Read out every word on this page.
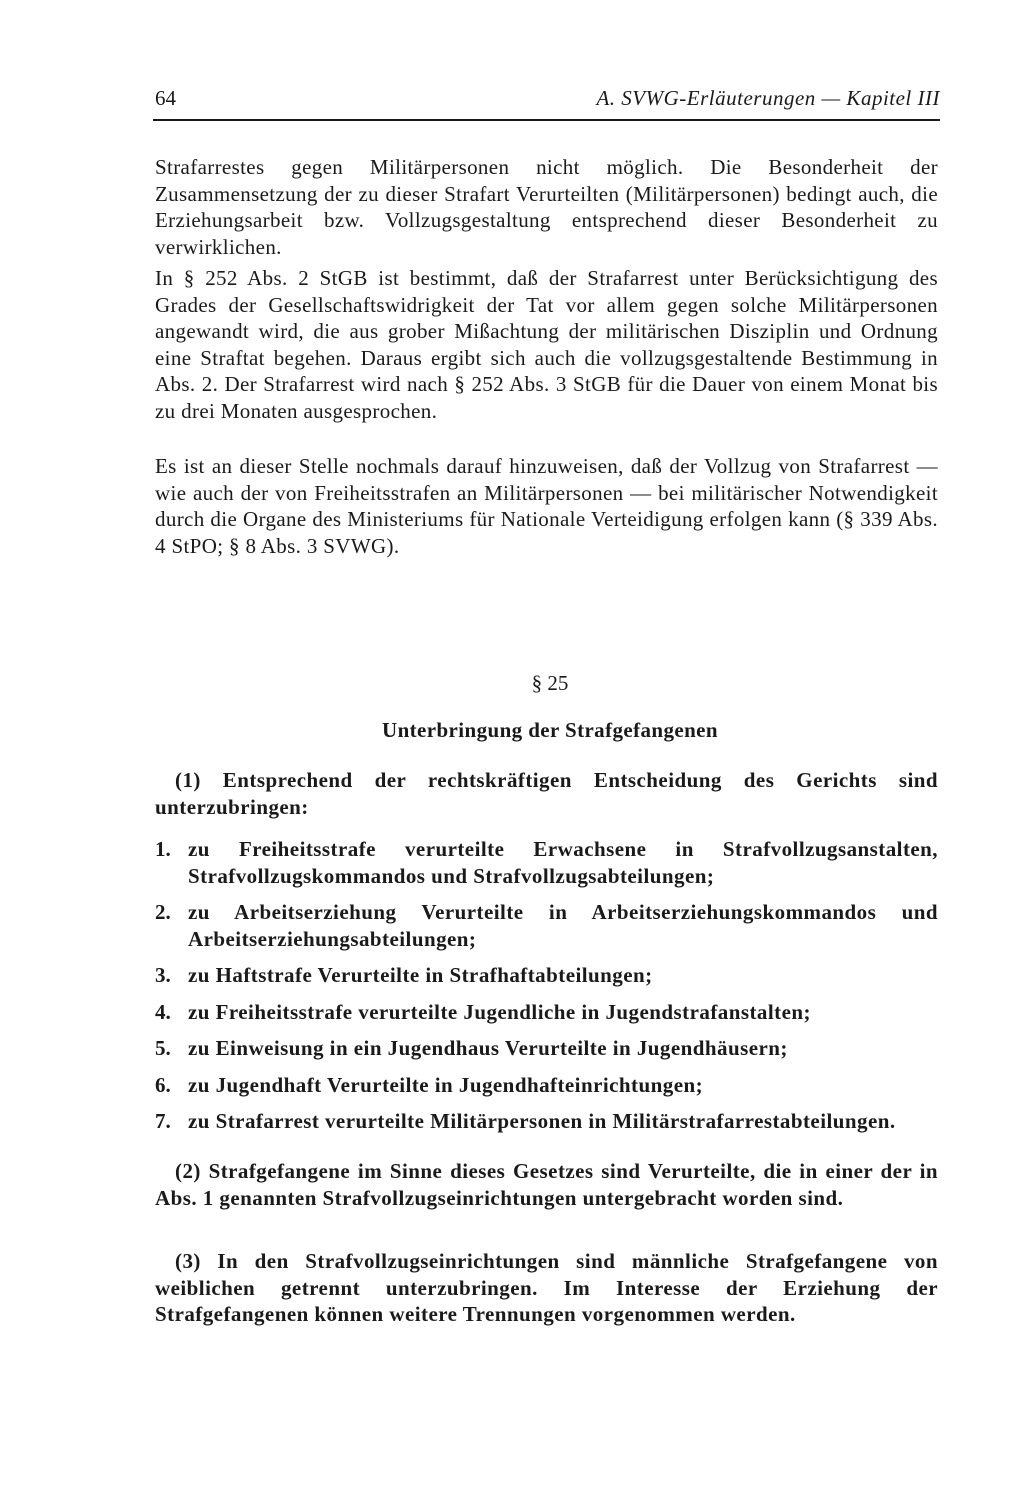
64	A. SVWG-Erläuterungen — Kapitel III

Strafarrestes gegen Militärpersonen nicht möglich. Die Besonderheit der Zusammensetzung der zu dieser Strafart Verurteilten (Militärpersonen) bedingt auch, die Erziehungsarbeit bzw. Vollzugsgestaltung entsprechend dieser Besonderheit zu verwirklichen.

In § 252 Abs. 2 StGB ist bestimmt, daß der Strafarrest unter Berücksichtigung des Grades der Gesellschaftswidrigkeit der Tat vor allem gegen solche Militärpersonen angewandt wird, die aus grober Mißachtung der militärischen Disziplin und Ordnung eine Straftat begehen. Daraus ergibt sich auch die vollzugsgestaltende Bestimmung in Abs. 2. Der Strafarrest wird nach § 252 Abs. 3 StGB für die Dauer von einem Monat bis zu drei Monaten ausgesprochen.

Es ist an dieser Stelle nochmals darauf hinzuweisen, daß der Vollzug von Strafarrest — wie auch der von Freiheitsstrafen an Militärpersonen — bei militärischer Notwendigkeit durch die Organe des Ministeriums für Nationale Verteidigung erfolgen kann (§ 339 Abs. 4 StPO; § 8 Abs. 3 SVWG).

§ 25
Unterbringung der Strafgefangenen

(1) Entsprechend der rechtskräftigen Entscheidung des Gerichts sind unterzubringen:

1. zu Freiheitsstrafe verurteilte Erwachsene in Strafvollzugsanstalten, Strafvollzugskommandos und Strafvollzugsabteilungen;
2. zu Arbeitserziehung Verurteilte in Arbeitserziehungskommandos und Arbeitserziehungsabteilungen;
3. zu Haftstrafe Verurteilte in Strafhaftabteilungen;
4. zu Freiheitsstrafe verurteilte Jugendliche in Jugendstrafanstalten;
5. zu Einweisung in ein Jugendhaus Verurteilte in Jugendhäusern;
6. zu Jugendhaft Verurteilte in Jugendhafteinrichtungen;
7. zu Strafarrest verurteilte Militärpersonen in Militärstrafarrestabteilungen.

(2) Strafgefangene im Sinne dieses Gesetzes sind Verurteilte, die in einer der in Abs. 1 genannten Strafvollzugseinrichtungen untergebracht worden sind.

(3) In den Strafvollzugseinrichtungen sind männliche Strafgefangene von weiblichen getrennt unterzubringen. Im Interesse der Erziehung der Strafgefangenen können weitere Trennungen vorgenommen werden.
